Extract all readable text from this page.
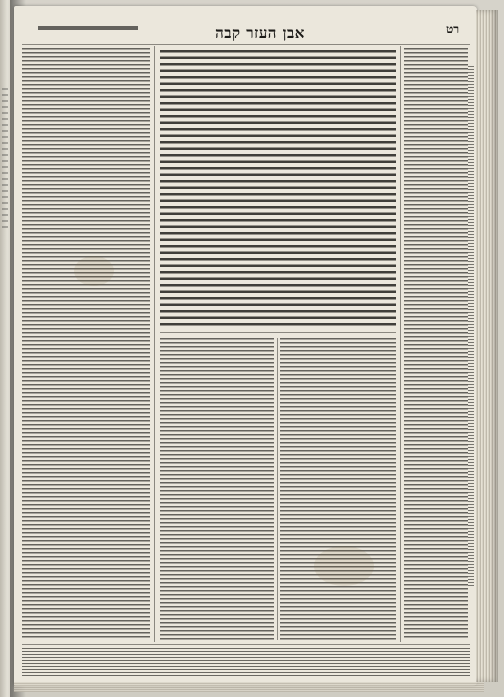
אבן העזר קבה	רט
